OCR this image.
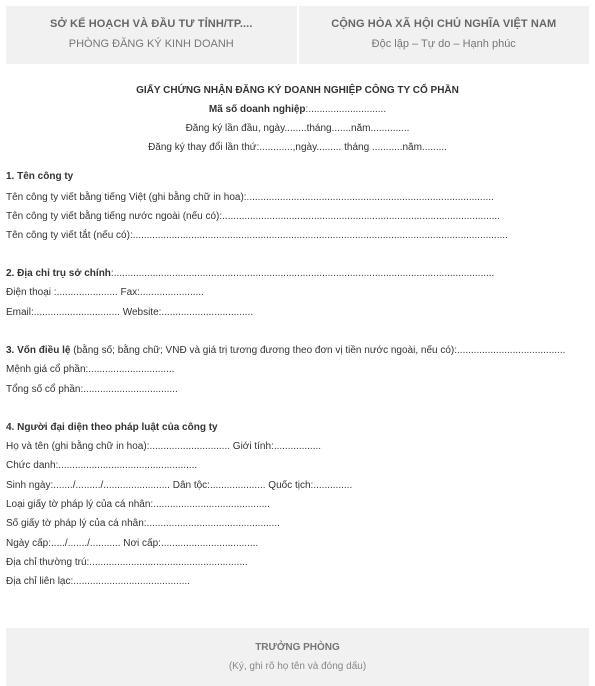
SỞ KẾ HOẠCH VÀ ĐẦU TƯ TỈNH/TP....
PHÒNG ĐĂNG KÝ KINH DOANH
CỘNG HÒA XÃ HỘI CHỦ NGHĨA VIỆT NAM
Độc lập – Tự do – Hạnh phúc
GIẤY CHỨNG NHẬN ĐĂNG KÝ DOANH NGHIỆP CÔNG TY CỔ PHẦN
Mã số doanh nghiệp:............................
Đăng ký lần đầu, ngày........tháng.......năm..............
Đăng ký thay đổi lần thứ:............,ngày......... tháng ...........năm.........
1. Tên công ty
Tên công ty viết bằng tiếng Việt (ghi bằng chữ in hoa):.........................................................................................
Tên công ty viết bằng tiếng nước ngoài (nếu có):....................................................................................................
Tên công ty viết tắt (nếu có):.......................................................................................................................................
2. Địa chỉ trụ sở chính:.........................................................................................................................................
Điện thoại :...................... Fax:.......................
Email:............................... Website:.................................
3. Vốn điều lệ (bằng số; bằng chữ; VNĐ và giá trị tương đương theo đơn vị tiền nước ngoài, nếu có):.......................................
Mệnh giá cổ phần:...............................
Tổng số cổ phần:..................................
4. Người đại diện theo pháp luật của công ty
Họ và tên (ghi bằng chữ in hoa):............................. Giới tính:.................
Chức danh:..................................................
Sinh ngày:......./........./........................ Dân tộc:.................... Quốc tịch:..............
Loại giấy tờ pháp lý của cá nhân:..........................................
Số giấy tờ pháp lý của cá nhân:................................................
Ngày cấp:...../......./........... Nơi cấp:...................................
Địa chỉ thường trú:.........................................................
Địa chỉ liên lạc:..........................................
TRƯỞNG PHÒNG
(Ký, ghi rõ họ tên và đóng dấu)
